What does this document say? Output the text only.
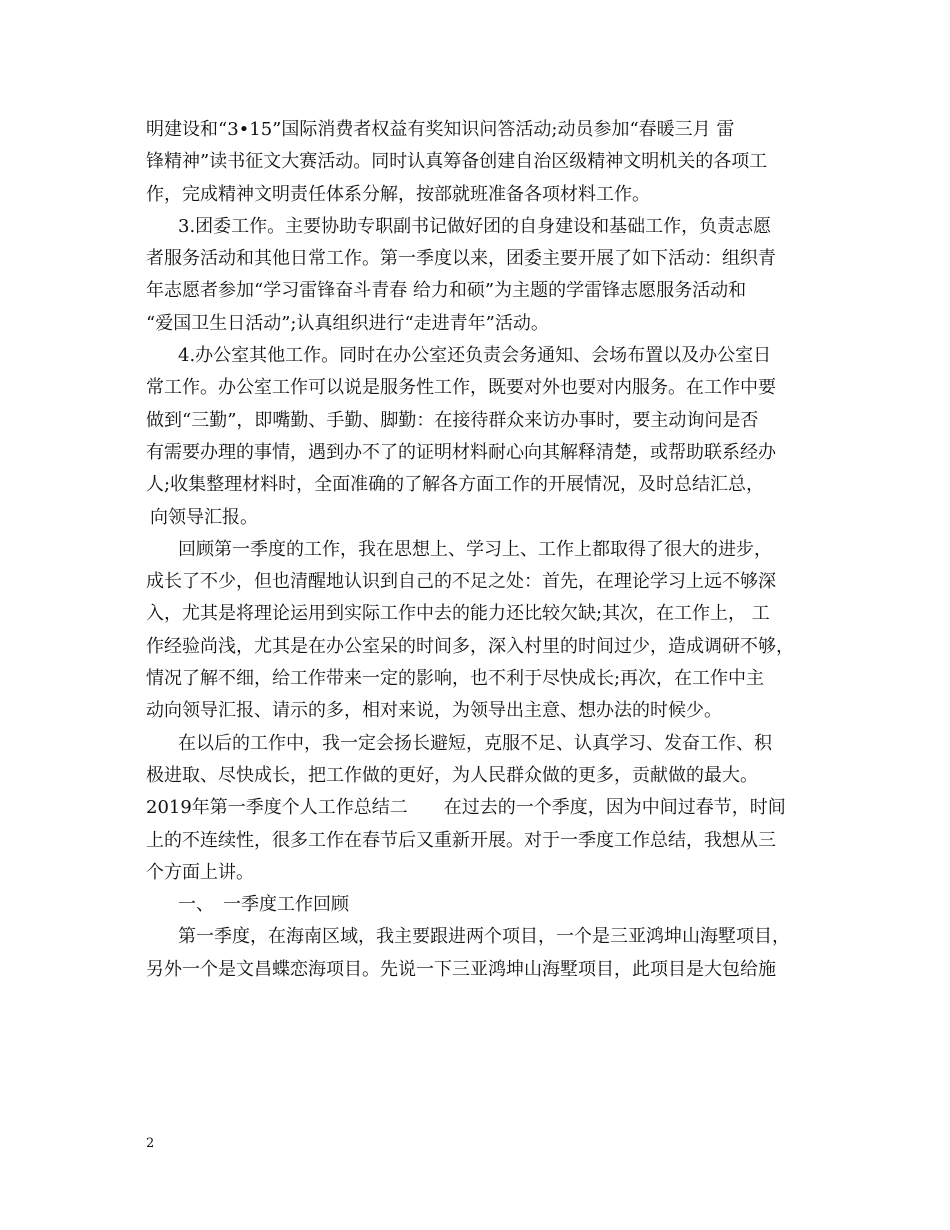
明建设和“3•15”国际消费者权益有奖知识问答活动;动员参加“春暖三月 雷
锋精神”读书征文大赛活动。同时认真筹备创建自治区级精神文明机关的各项工
作，完成精神文明责任体系分解，按部就班准备各项材料工作。
3.团委工作。主要协助专职副书记做好团的自身建设和基础工作，负责志愿
者服务活动和其他日常工作。第一季度以来，团委主要开展了如下活动：组织青
年志愿者参加“学习雷锋奋斗青春 给力和硕”为主题的学雷锋志愿服务活动和
“爱国卫生日活动”;认真组织进行“走进青年”活动。
4.办公室其他工作。同时在办公室还负责会务通知、会场布置以及办公室日
常工作。办公室工作可以说是服务性工作，既要对外也要对内服务。在工作中要
做到“三勤”，即嘴勤、手勤、脚勤：在接待群众来访办事时，要主动询问是否
有需要办理的事情，遇到办不了的证明材料耐心向其解释清楚，或帮助联系经办
人;收集整理材料时，全面准确的了解各方面工作的开展情况，及时总结汇总，
向领导汇报。
回顾第一季度的工作，我在思想上、学习上、工作上都取得了很大的进步，
成长了不少，但也清醒地认识到自己的不足之处：首先，在理论学习上远不够深
入，尤其是将理论运用到实际工作中去的能力还比较欠缺;其次，在工作上， 工
作经验尚浅，尤其是在办公室呆的时间多，深入村里的时间过少，造成调研不够，
情况了解不细，给工作带来一定的影响，也不利于尽快成长;再次，在工作中主
动向领导汇报、请示的多，相对来说，为领导出主意、想办法的时候少。
在以后的工作中，我一定会扬长避短，克服不足、认真学习、发奋工作、积
极进取、尽快成长，把工作做的更好，为人民群众做的更多，贡献做的最大。
2019年第一季度个人工作总结二　　在过去的一个季度，因为中间过春节，时间
上的不连续性，很多工作在春节后又重新开展。对于一季度工作总结，我想从三
个方面上讲。
一、　一季度工作回顾
第一季度，在海南区域，我主要跟进两个项目，一个是三亚鸿坤山海墅项目，
另外一个是文昌蝶恋海项目。先说一下三亚鸿坤山海墅项目，此项目是大包给施
2
